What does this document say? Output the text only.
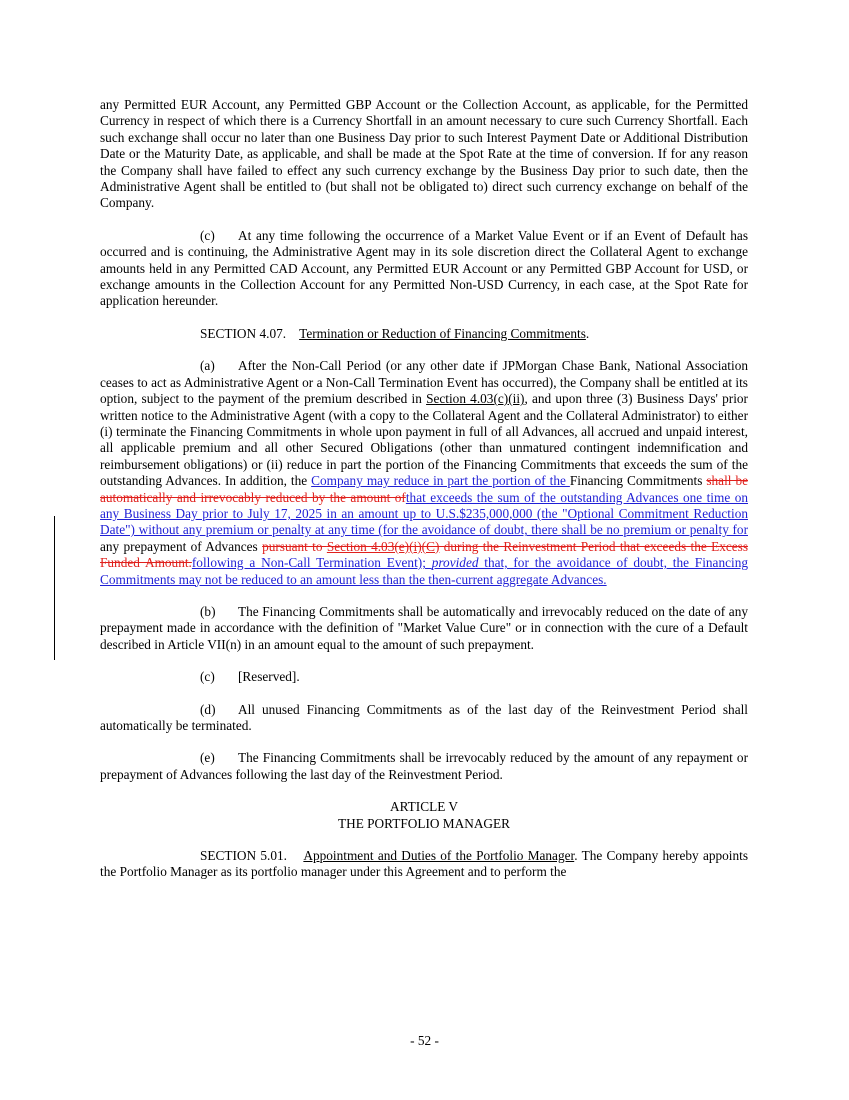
any Permitted EUR Account, any Permitted GBP Account or the Collection Account, as applicable, for the Permitted Currency in respect of which there is a Currency Shortfall in an amount necessary to cure such Currency Shortfall. Each such exchange shall occur no later than one Business Day prior to such Interest Payment Date or Additional Distribution Date or the Maturity Date, as applicable, and shall be made at the Spot Rate at the time of conversion. If for any reason the Company shall have failed to effect any such currency exchange by the Business Day prior to such date, then the Administrative Agent shall be entitled to (but shall not be obligated to) direct such currency exchange on behalf of the Company.

(c) At any time following the occurrence of a Market Value Event or if an Event of Default has occurred and is continuing, the Administrative Agent may in its sole discretion direct the Collateral Agent to exchange amounts held in any Permitted CAD Account, any Permitted EUR Account or any Permitted GBP Account for USD, or exchange amounts in the Collection Account for any Permitted Non-USD Currency, in each case, at the Spot Rate for application hereunder.

SECTION 4.07. Termination or Reduction of Financing Commitments.

(a) After the Non-Call Period (or any other date if JPMorgan Chase Bank, National Association ceases to act as Administrative Agent or a Non-Call Termination Event has occurred), the Company shall be entitled at its option, subject to the payment of the premium described in Section 4.03(c)(ii), and upon three (3) Business Days' prior written notice to the Administrative Agent (with a copy to the Collateral Agent and the Collateral Administrator) to either (i) terminate the Financing Commitments in whole upon payment in full of all Advances, all accrued and unpaid interest, all applicable premium and all other Secured Obligations (other than unmatured contingent indemnification and reimbursement obligations) or (ii) reduce in part the portion of the Financing Commitments that exceeds the sum of the outstanding Advances. In addition, the Company may reduce in part the portion of the Financing Commitments shall be automatically and irrevocably reduced by the amount ofthat exceeds the sum of the outstanding Advances one time on any Business Day prior to July 17, 2025 in an amount up to U.S.$235,000,000 (the "Optional Commitment Reduction Date") without any premium or penalty at any time (for the avoidance of doubt, there shall be no premium or penalty for any prepayment of Advances pursuant to Section 4.03(e)(i)(C) during the Reinvestment Period that exceeds the Excess Funded Amount.following a Non-Call Termination Event); provided that, for the avoidance of doubt, the Financing Commitments may not be reduced to an amount less than the then-current aggregate Advances.

(b) The Financing Commitments shall be automatically and irrevocably reduced on the date of any prepayment made in accordance with the definition of "Market Value Cure" or in connection with the cure of a Default described in Article VII(n) in an amount equal to the amount of such prepayment.

(c) [Reserved].

(d) All unused Financing Commitments as of the last day of the Reinvestment Period shall automatically be terminated.

(e) The Financing Commitments shall be irrevocably reduced by the amount of any repayment or prepayment of Advances following the last day of the Reinvestment Period.

ARTICLE V

THE PORTFOLIO MANAGER

SECTION 5.01. Appointment and Duties of the Portfolio Manager. The Company hereby appoints the Portfolio Manager as its portfolio manager under this Agreement and to perform the

- 52 -
